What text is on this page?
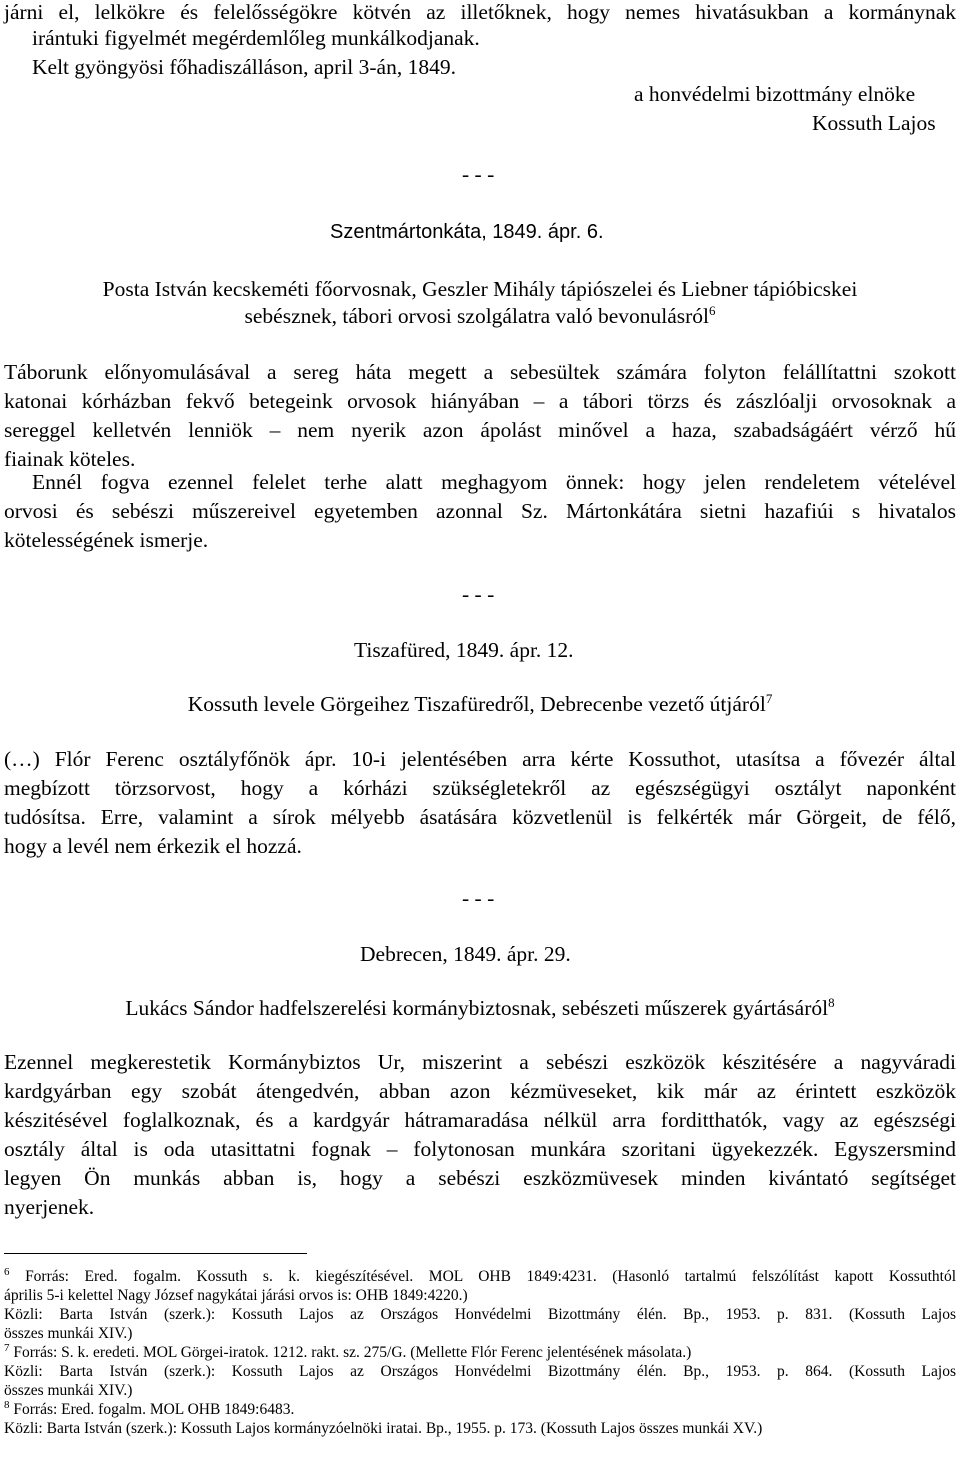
járni el, lelkökre és felelősségökre kötvén az illetőknek, hogy nemes hivatásukban a kormánynak

irántuki figyelmét megérdemlőleg munkálkodjanak.

Kelt gyöngyösi főhadiszálláson, april 3-án, 1849.

a honvédelmi bizottmány elnöke

Kossuth Lajos

- - -

Szentmártonkáta, 1849. ápr. 6.

Posta István kecskeméti főorvosnak, Geszler Mihály tápiószelei és Liebner tápióbicskei

sebésznek, tábori orvosi szolgálatra való bevonulásról$^6$

Táborunk előnyomulásával a sereg háta megett a sebesültek számára folyton felállítattni szokott

katonai kórházban fekvő betegeink orvosok hiányában – a tábori törzs és zászlóalji orvosoknak a

sereggel kelletvén lenniök – nem nyerik azon ápolást minővel a haza, szabadságáért vérző hű

fiainak köteles.

Ennél fogva ezennel felelet terhe alatt meghagyom önnek: hogy jelen rendeletem vételével

orvosi és sebészi műszereivel egyetemben azonnal Sz. Mártonkátára sietni hazafiúi s hivatalos

kötelességének ismerje.

- - -

Tiszafüred, 1849. ápr. 12.

Kossuth levele Görgeihez Tiszafüredről, Debrecenbe vezető útjáról$^7$

(…) Flór Ferenc osztályfőnök ápr. 10-i jelentésében arra kérte Kossuthot, utasítsa a fővezér által

megbízott törzsorvost, hogy a kórházi szükségletekről az egészségügyi osztályt naponként

tudósítsa. Erre, valamint a sírok mélyebb ásatására közvetlenül is felkérték már Görgeit, de félő,

hogy a levél nem érkezik el hozzá.

- - -

Debrecen, 1849. ápr. 29.

Lukács Sándor hadfelszerelési kormánybiztosnak, sebészeti műszerek gyártásáról$^8$

Ezennel megkerestetik Kormánybiztos Ur, miszerint a sebészi eszközök készitésére a nagyváradi

kardgyárban egy szobát átengedvén, abban azon kézmüveseket, kik már az érintett eszközök

készitésével foglalkoznak, és a kardgyár hátramaradása nélkül arra forditthatók, vagy az egészségi

osztály által is oda utasittatni fognak – folytonosan munkára szoritani ügyekezzék. Egyszersmind

legyen Ön munkás abban is, hogy a sebészi eszközmüvesek minden kivántató segítséget

nyerjenek.

$^6$ Forrás: Ered. fogalm. Kossuth s. k. kiegészítésével. MOL OHB 1849:4231. (Hasonló tartalmú felszólítást kapott Kossuthtól

április 5-i kelettel Nagy József nagykátai járási orvos is: OHB 1849:4220.)

Közli: Barta István (szerk.): Kossuth Lajos az Országos Honvédelmi Bizottmány élén. Bp., 1953. p. 831. (Kossuth Lajos

összes munkái XIV.)

$^7$ Forrás: S. k. eredeti. MOL Görgei-iratok. 1212. rakt. sz. 275/G. (Mellette Flór Ferenc jelentésének másolata.)

Közli: Barta István (szerk.): Kossuth Lajos az Országos Honvédelmi Bizottmány élén. Bp., 1953. p. 864. (Kossuth Lajos

összes munkái XIV.)

$^8$ Forrás: Ered. fogalm. MOL OHB 1849:6483.

Közli: Barta István (szerk.): Kossuth Lajos kormányzóelnöki iratai. Bp., 1955. p. 173. (Kossuth Lajos összes munkái XV.)
